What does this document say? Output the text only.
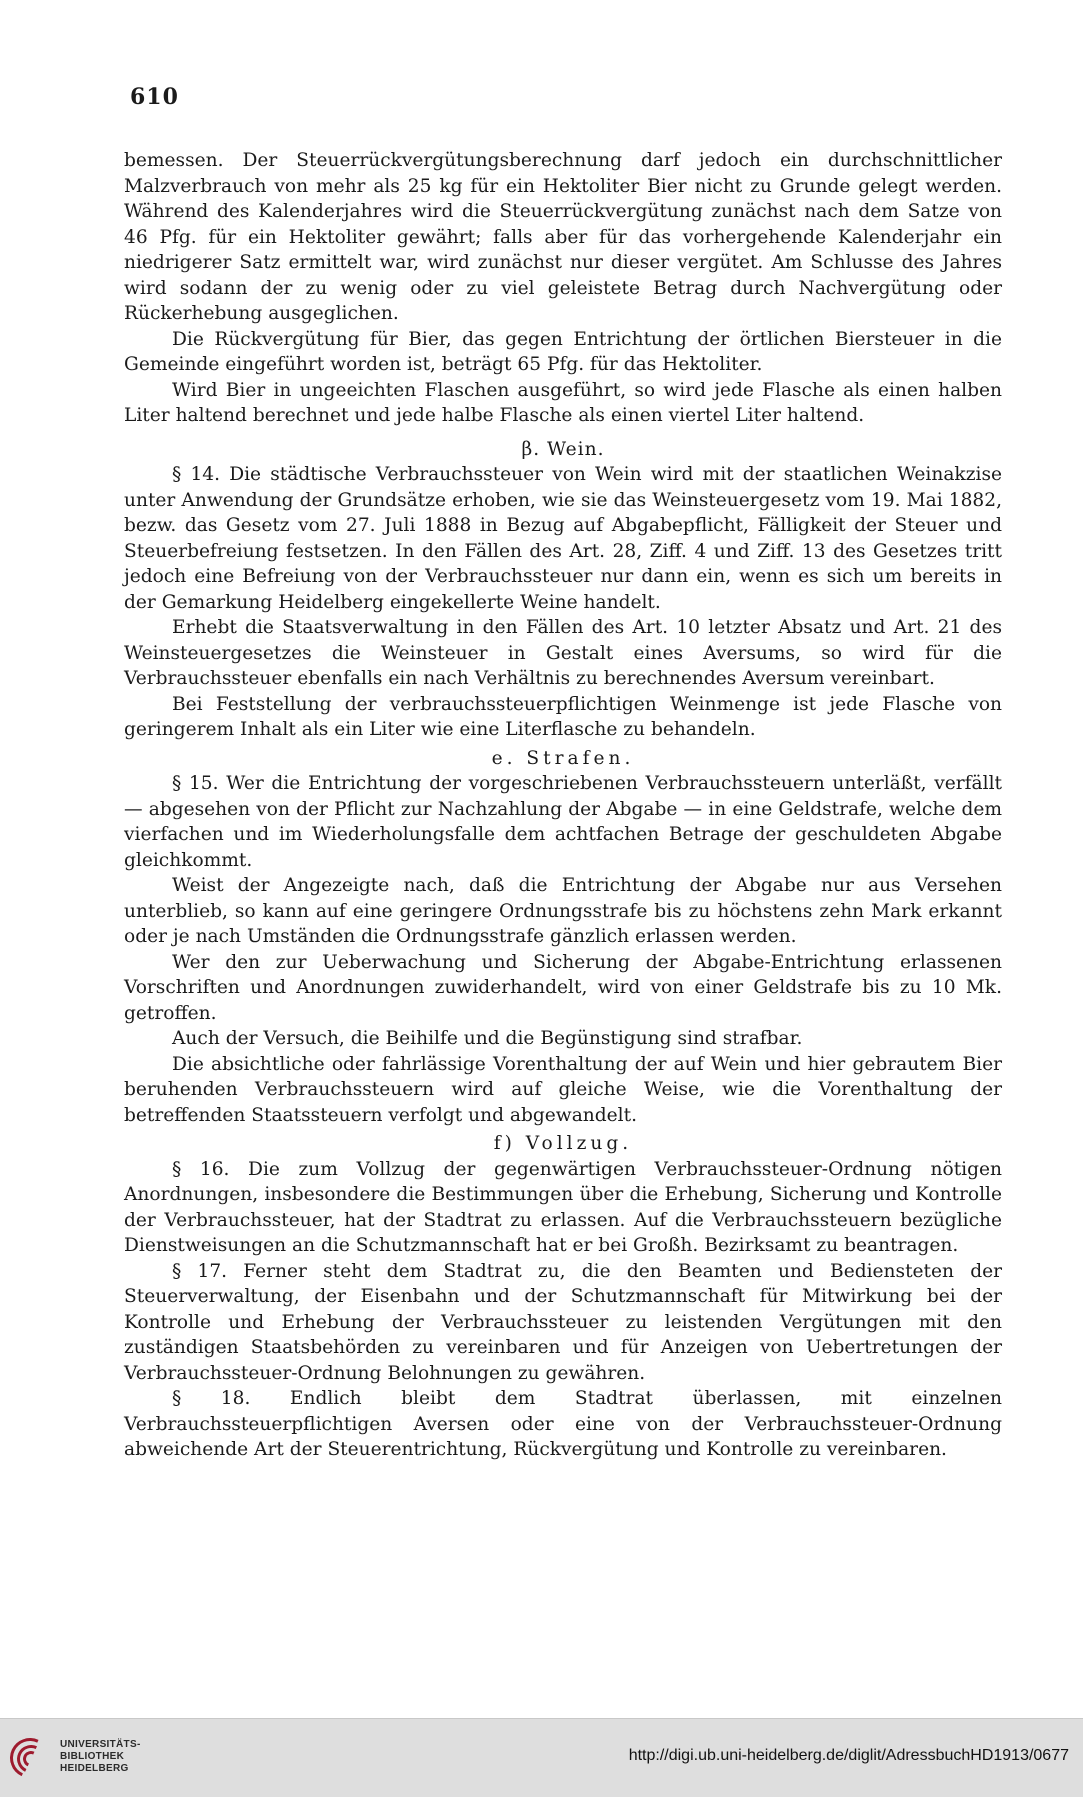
610

bemessen. Der Steuerrückvergütungsberechnung darf jedoch ein durchschnittlicher Malzverbrauch von mehr als 25 kg für ein Hektoliter Bier nicht zu Grunde gelegt werden. Während des Kalenderjahres wird die Steuerrückvergütung zunächst nach dem Satze von 46 Pfg. für ein Hektoliter gewährt; falls aber für das vorhergehende Kalenderjahr ein niedrigerer Satz ermittelt war, wird zunächst nur dieser vergütet. Am Schlusse des Jahres wird sodann der zu wenig oder zu viel geleistete Betrag durch Nachvergütung oder Rückerhebung ausgeglichen.

Die Rückvergütung für Bier, das gegen Entrichtung der örtlichen Biersteuer in die Gemeinde eingeführt worden ist, beträgt 65 Pfg. für das Hektoliter.

Wird Bier in ungeeichten Flaschen ausgeführt, so wird jede Flasche als einen halben Liter haltend berechnet und jede halbe Flasche als einen viertel Liter haltend.

β. Wein.

§ 14. Die städtische Verbrauchssteuer von Wein wird mit der staatlichen Weinakzise unter Anwendung der Grundsätze erhoben, wie sie das Weinsteuergesetz vom 19. Mai 1882, bezw. das Gesetz vom 27. Juli 1888 in Bezug auf Abgabepflicht, Fälligkeit der Steuer und Steuerbefreiung festsetzen. In den Fällen des Art. 28, Ziff. 4 und Ziff. 13 des Gesetzes tritt jedoch eine Befreiung von der Verbrauchssteuer nur dann ein, wenn es sich um bereits in der Gemarkung Heidelberg eingekellerte Weine handelt.

Erhebt die Staatsverwaltung in den Fällen des Art. 10 letzter Absatz und Art. 21 des Weinsteuergesetzes die Weinsteuer in Gestalt eines Aversums, so wird für die Verbrauchssteuer ebenfalls ein nach Verhältnis zu berechnendes Aversum vereinbart.

Bei Feststellung der verbrauchssteuerpflichtigen Weinmenge ist jede Flasche von geringerem Inhalt als ein Liter wie eine Literflasche zu behandeln.

e. Strafen.

§ 15. Wer die Entrichtung der vorgeschriebenen Verbrauchssteuern unterläßt, verfällt — abgesehen von der Pflicht zur Nachzahlung der Abgabe — in eine Geldstrafe, welche dem vierfachen und im Wiederholungsfalle dem achtfachen Betrage der geschuldeten Abgabe gleichkommt.

Weist der Angezeigte nach, daß die Entrichtung der Abgabe nur aus Versehen unterblieb, so kann auf eine geringere Ordnungsstrafe bis zu höchstens zehn Mark erkannt oder je nach Umständen die Ordnungsstrafe gänzlich erlassen werden.

Wer den zur Ueberwachung und Sicherung der Abgabe-Entrichtung erlassenen Vorschriften und Anordnungen zuwiderhandelt, wird von einer Geldstrafe bis zu 10 Mk. getroffen.

Auch der Versuch, die Beihilfe und die Begünstigung sind strafbar.

Die absichtliche oder fahrlässige Vorenthaltung der auf Wein und hier gebrautem Bier beruhenden Verbrauchssteuern wird auf gleiche Weise, wie die Vorenthaltung der betreffenden Staatssteuern verfolgt und abgewandelt.

f) Vollzug.

§ 16. Die zum Vollzug der gegenwärtigen Verbrauchssteuer-Ordnung nötigen Anordnungen, insbesondere die Bestimmungen über die Erhebung, Sicherung und Kontrolle der Verbrauchssteuer, hat der Stadtrat zu erlassen. Auf die Verbrauchssteuern bezügliche Dienstweisungen an die Schutzmannschaft hat er bei Großh. Bezirksamt zu beantragen.

§ 17. Ferner steht dem Stadtrat zu, die den Beamten und Bediensteten der Steuerverwaltung, der Eisenbahn und der Schutzmannschaft für Mitwirkung bei der Kontrolle und Erhebung der Verbrauchssteuer zu leistenden Vergütungen mit den zuständigen Staatsbehörden zu vereinbaren und für Anzeigen von Uebertretungen der Verbrauchssteuer-Ordnung Belohnungen zu gewähren.

§ 18. Endlich bleibt dem Stadtrat überlassen, mit einzelnen Verbrauchssteuerpflichtigen Aversen oder eine von der Verbrauchssteuer-Ordnung abweichende Art der Steuerentrichtung, Rückvergütung und Kontrolle zu vereinbaren.

UNIVERSITÄTS-
BIBLIOTHEK
HEIDELBERG
http://digi.ub.uni-heidelberg.de/diglit/AdressbuchHD1913/0677
